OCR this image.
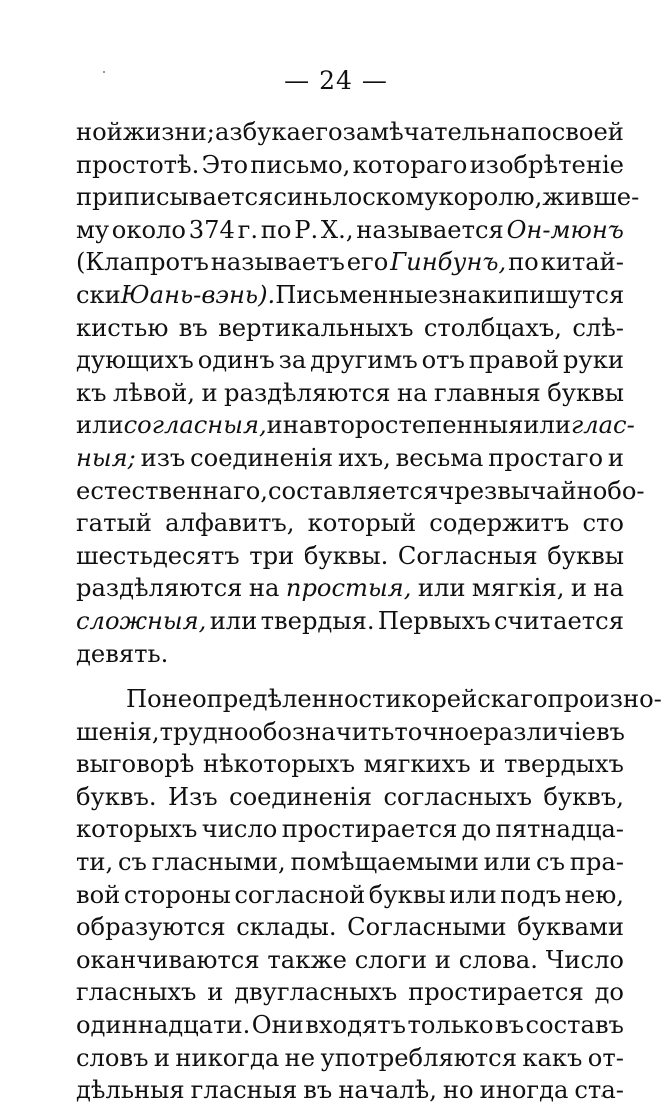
— 24 —
ной жизни; азбука его замѣчательна по своей
простотѣ. Это письмо, котораго изобрѣтеніе
приписывается синьлоскому королю, живше-
му около 374 г. по Р. Х., называется Он-мюнъ
(Клапротъ называетъ его Гинбунъ, по китай-
ски Юань-вэнь). Письменные знаки пишутся
кистью въ вертикальныхъ столбцахъ, слѣ-
дующихъ одинъ за другимъ отъ правой руки
къ лѣвой, и раздѣляются на главныя буквы
или согласныя, и на второстепенныя или глас-
ныя; изъ соединенія ихъ, весьма простаго и
естественнаго, составляется чрезвычайно бо-
гатый алфавитъ, который содержитъ сто
шестьдесятъ три буквы. Согласныя буквы
раздѣляются на простыя, или мягкія, и на
сложныя, или твердыя. Первыхъ считается
девять.
По неопредѣленности корейскаго произно-
шенія, трудно обозначить точное различіе въ
выговорѣ нѣкоторыхъ мягкихъ и твердыхъ
буквъ. Изъ соединенія согласныхъ буквъ,
которыхъ число простирается до пятнадца-
ти, съ гласными, помѣщаемыми или съ пра-
вой стороны согласной буквы или подъ нею,
образуются склады. Согласными буквами
оканчиваются также слоги и слова. Число
гласныхъ и двугласныхъ простирается до
одиннадцати. Они входятъ только въ составъ
словъ и никогда не употребляются какъ от-
дѣльныя гласныя въ началѣ, но иногда ста-
